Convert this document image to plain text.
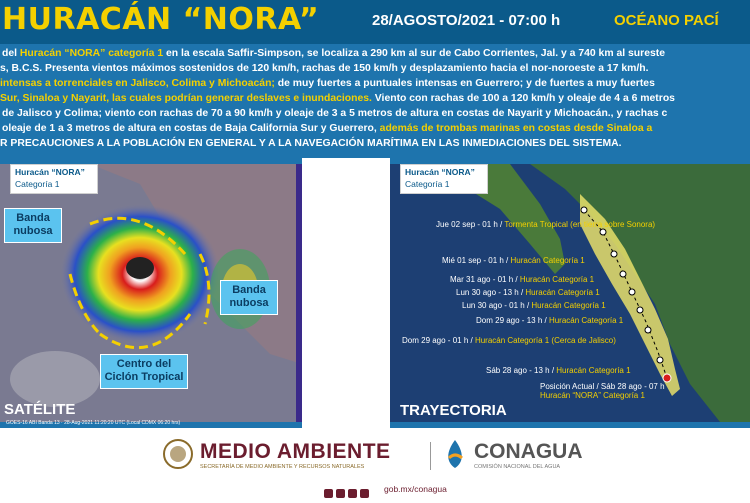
HURACÁN “NORA”	28/AGOSTO/2021 - 07:00 h	OCÉANO PACÍ

del Huracán “NORA” categoría 1 en la escala Saffir-Simpson, se localiza a 290 km al sur de Cabo Corrientes, Jal. y a 740 km al sureste

s, B.C.S. Presenta vientos máximos sostenidos de 120 km/h, rachas de 150 km/h y desplazamiento hacia el nor-noroeste a 17 km/h.

intensas a torrenciales en Jalisco, Colima y Michoacán; de muy fuertes a puntuales intensas en Guerrero; y de fuertes a muy fuertes

Sur, Sinaloa y Nayarit, las cuales podrían generar deslaves e inundaciones. Viento con rachas de 100 a 120 km/h y oleaje de 4 a 6 metros

de Jalisco y Colima; viento con rachas de 70 a 90 km/h y oleaje de 3 a 5 metros de altura en costas de Nayarit y Michoacán., y rachas c

oleaje de 1 a 3 metros de altura en costas de Baja California Sur y Guerrero, además de trombas marinas en costas desde Sinaloa a

R PRECAUCIONES A LA POBLACIÓN EN GENERAL Y A LA NAVEGACIÓN MARÍTIMA EN LAS INMEDIACIONES DEL SISTEMA.

Huracán “NORA”
Categoría 1
Banda nubosa
Banda nubosa
Centro del Ciclón Tropical
SATÉLITE
GOES-16 ABI Banda 13 · 28-Aug-2021 11:20:20 UTC (Local CDMX 06:20 hrs)
Huracán “NORA”
Categoría 1
Jue 02 sep - 01 h / Tormenta Tropical (en tierra sobre Sonora)
Mié 01 sep - 01 h / Huracán Categoría 1
Mar 31 ago - 01 h / Huracán Categoría 1
Lun 30 ago - 13 h / Huracán Categoría 1
Lun 30 ago - 01 h / Huracán Categoría 1
Dom 29 ago - 13 h / Huracán Categoría 1
Dom 29 ago - 01 h / Huracán Categoría 1 (Cerca de Jalisco)
Sáb 28 ago - 13 h / Huracán Categoría 1
Posición Actual / Sáb 28 ago - 07 h
Huracán “NORA” Categoría 1
TRAYECTORIA
MEDIO AMBIENTE
SECRETARÍA DE MEDIO AMBIENTE Y RECURSOS NATURALES
CONAGUA
COMISIÓN NACIONAL DEL AGUA
gob.mx/conagua
